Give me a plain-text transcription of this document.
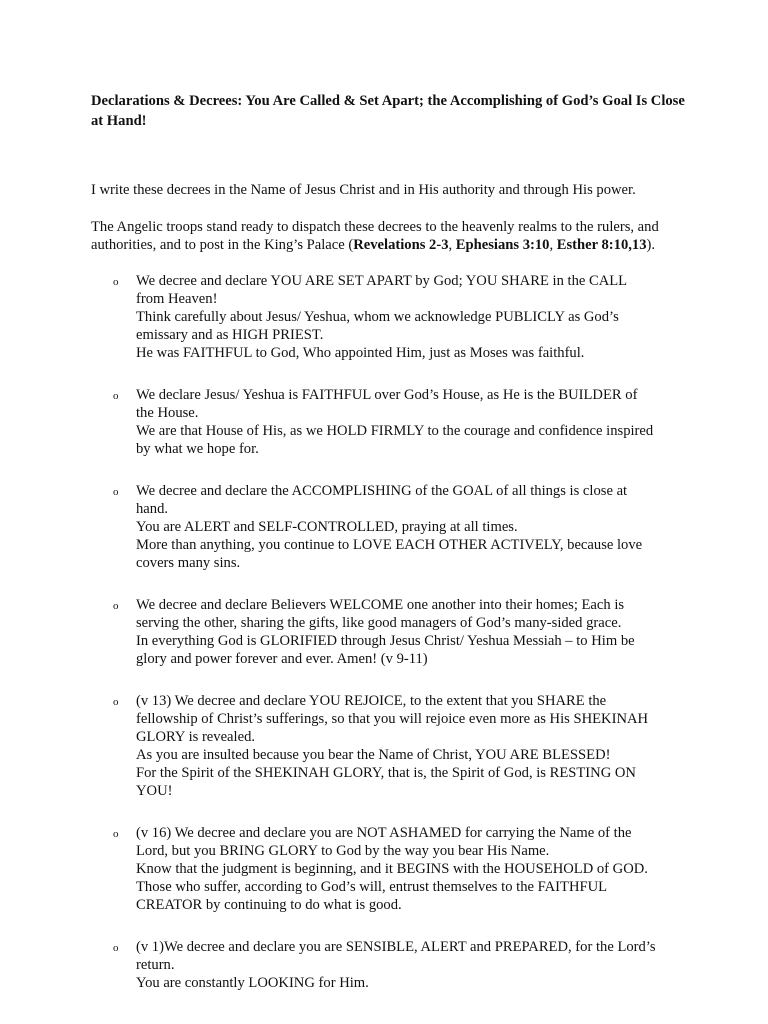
Declarations & Decrees: You Are Called & Set Apart; the Accomplishing of God’s Goal Is Close at Hand!

I write these decrees in the Name of Jesus Christ and in His authority and through His power.

The Angelic troops stand ready to dispatch these decrees to the heavenly realms to the rulers, and authorities, and to post in the King’s Palace (Revelations 2-3, Ephesians 3:10, Esther 8:10,13).

o We decree and declare YOU ARE SET APART by God; YOU SHARE in the CALL
from Heaven!
Think carefully about Jesus/ Yeshua, whom we acknowledge PUBLICLY as God’s
emissary and as HIGH PRIEST.
He was FAITHFUL to God, Who appointed Him, just as Moses was faithful.
o We declare Jesus/ Yeshua is FAITHFUL over God’s House, as He is the BUILDER of
the House.
We are that House of His, as we HOLD FIRMLY to the courage and confidence inspired
by what we hope for.
o We decree and declare the ACCOMPLISHING of the GOAL of all things is close at
hand.
You are ALERT and SELF-CONTROLLED, praying at all times.
More than anything, you continue to LOVE EACH OTHER ACTIVELY, because love
covers many sins.
o We decree and declare Believers WELCOME one another into their homes; Each is
serving the other, sharing the gifts, like good managers of God’s many-sided grace.
In everything God is GLORIFIED through Jesus Christ/ Yeshua Messiah – to Him be
glory and power forever and ever. Amen! (v 9-11)
o (v 13) We decree and declare YOU REJOICE, to the extent that you SHARE the
fellowship of Christ’s sufferings, so that you will rejoice even more as His SHEKINAH
GLORY is revealed.
As you are insulted because you bear the Name of Christ, YOU ARE BLESSED!
For the Spirit of the SHEKINAH GLORY, that is, the Spirit of God, is RESTING ON
YOU!
o (v 16) We decree and declare you are NOT ASHAMED for carrying the Name of the
Lord, but you BRING GLORY to God by the way you bear His Name.
Know that the judgment is beginning, and it BEGINS with the HOUSEHOLD of GOD.
Those who suffer, according to God’s will, entrust themselves to the FAITHFUL
CREATOR by continuing to do what is good.
o (v 1)We decree and declare you are SENSIBLE, ALERT and PREPARED, for the Lord’s
return.
You are constantly LOOKING for Him.
